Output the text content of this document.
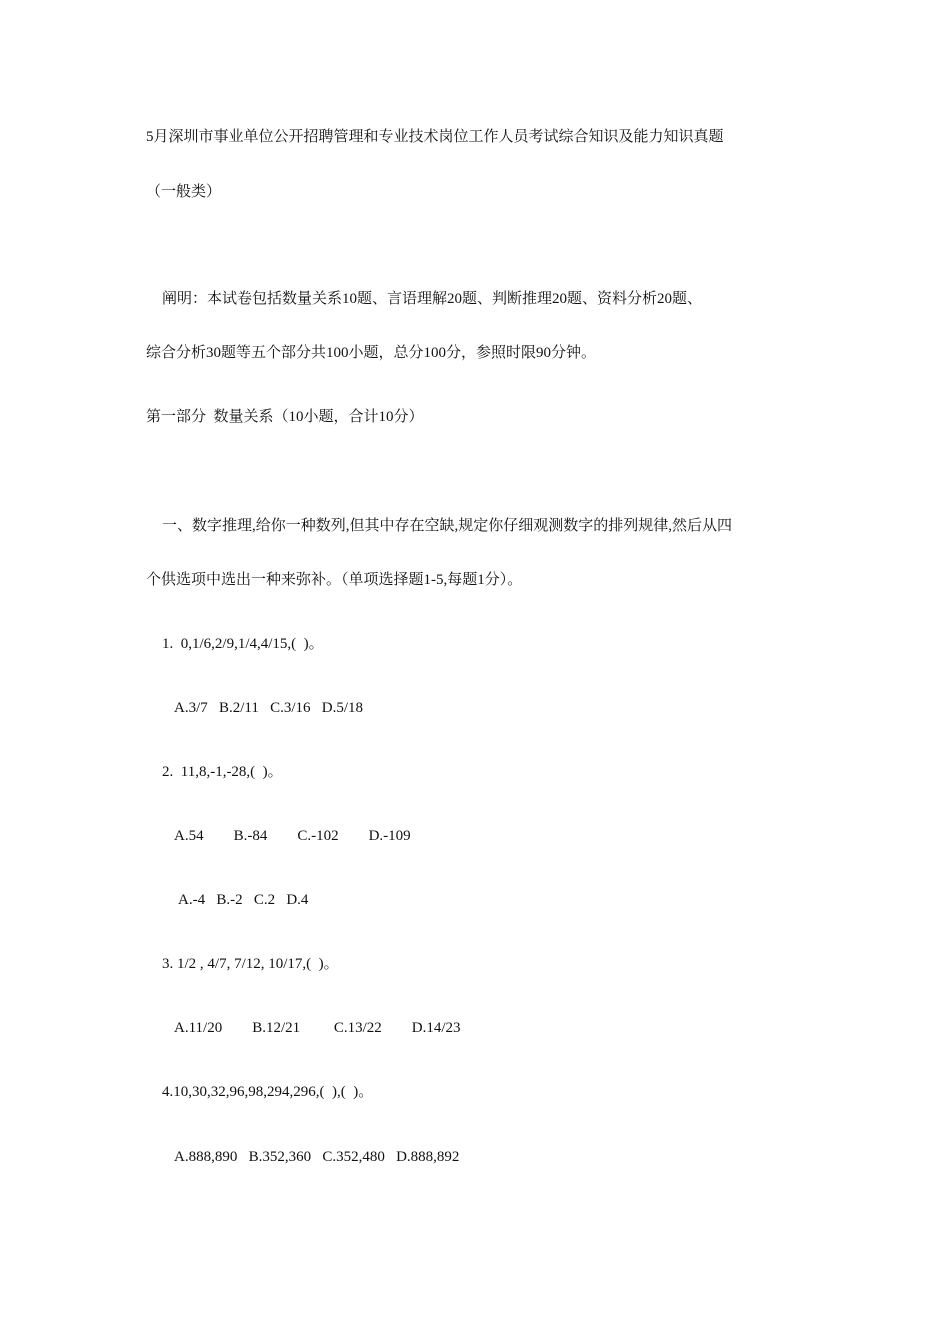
5月深圳市事业单位公开招聘管理和专业技术岗位工作人员考试综合知识及能力知识真题
（一般类）
阐明：本试卷包括数量关系10题、言语理解20题、判断推理20题、资料分析20题、
综合分析30题等五个部分共100小题，总分100分，参照时限90分钟。
第一部分  数量关系（10小题，合计10分）
一、数字推理,给你一种数列,但其中存在空缺,规定你仔细观测数字的排列规律,然后从四
个供选项中选出一种来弥补。（单项选择题1-5,每题1分）。
1.  0,1/6,2/9,1/4,4/15,(  )。
A.3/7   B.2/11   C.3/16   D.5/18
2.  11,8,-1,-28,(  )。
A.54        B.-84        C.-102        D.-109
A.-4   B.-2   C.2   D.4
3. 1/2 , 4/7, 7/12, 10/17,(  )。
A.11/20        B.12/21         C.13/22        D.14/23
4.10,30,32,96,98,294,296,(  ),(  )。
A.888,890   B.352,360   C.352,480   D.888,892
